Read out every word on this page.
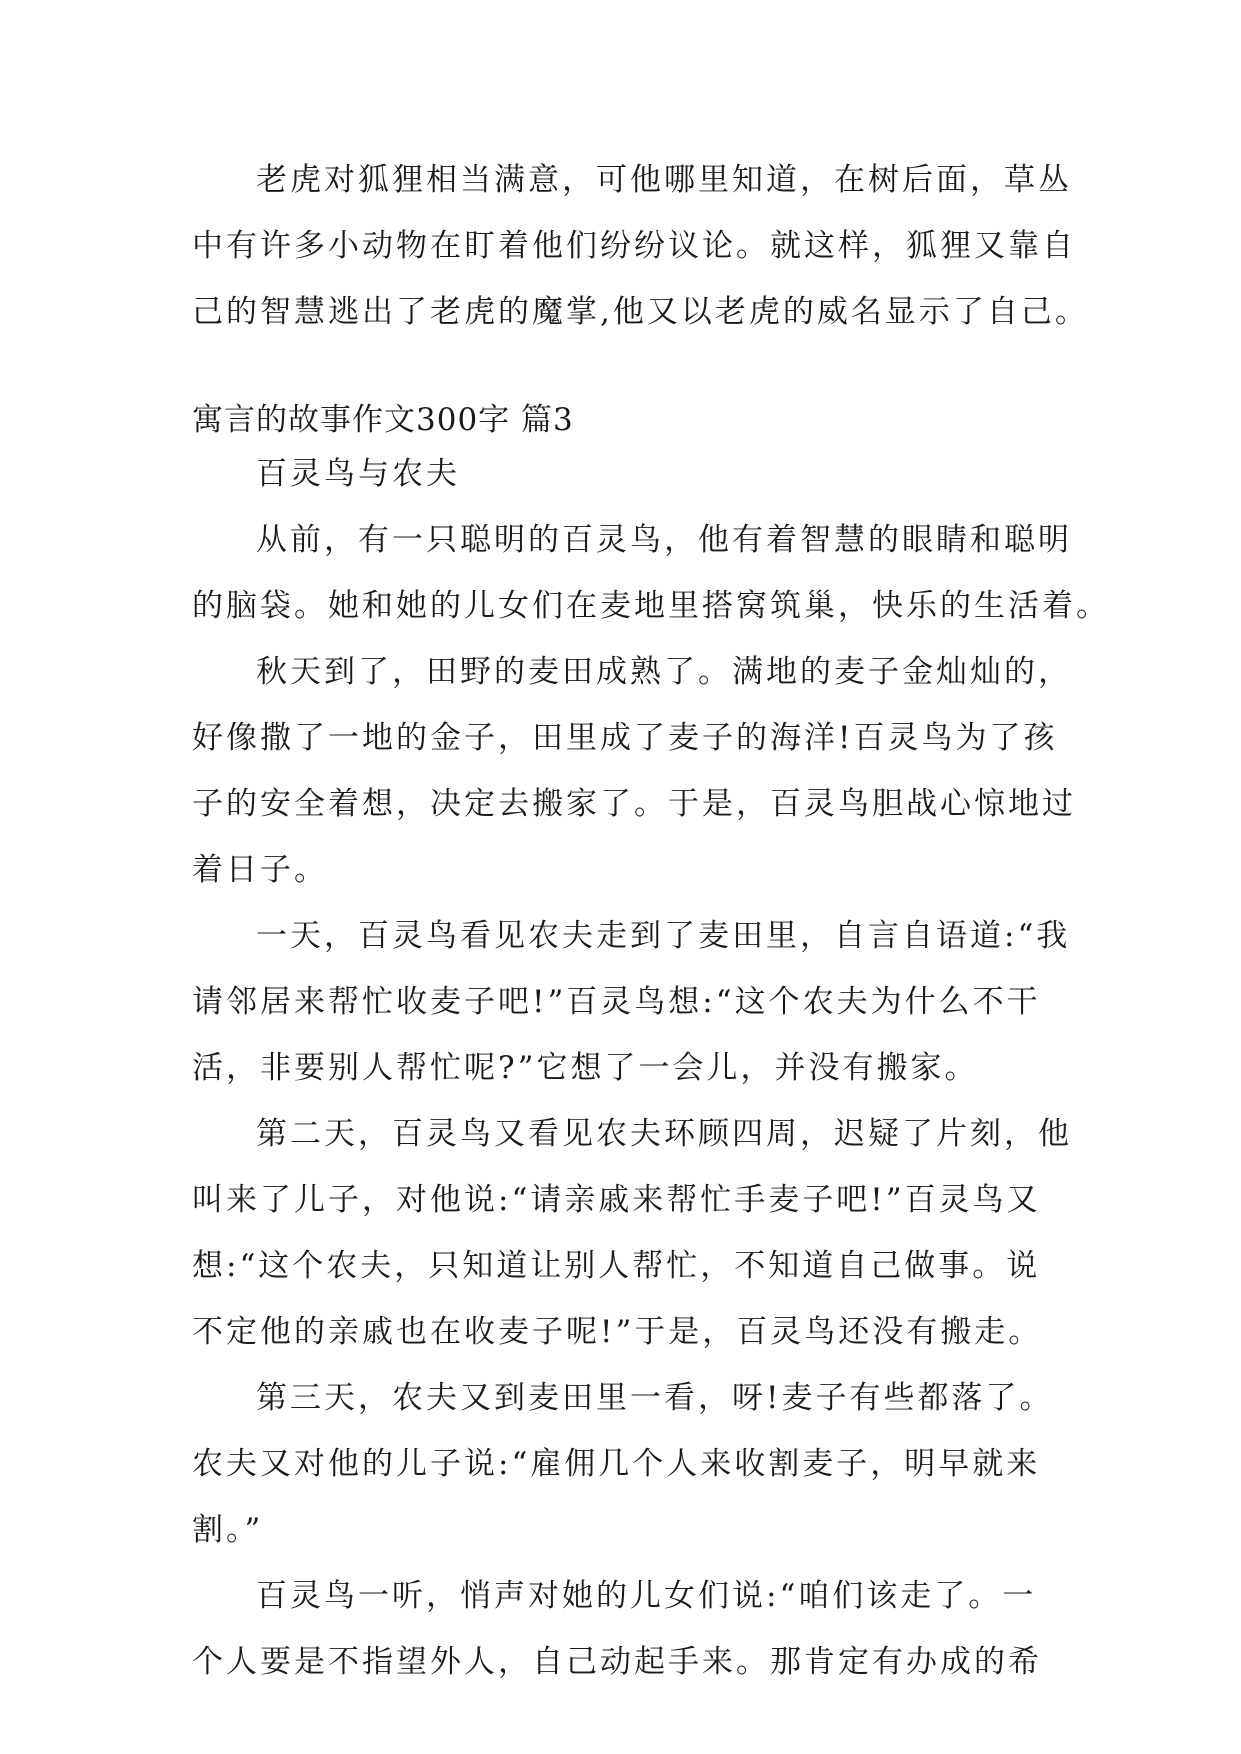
老虎对狐狸相当满意，可他哪里知道，在树后面，草丛

中有许多小动物在盯着他们纷纷议论。就这样，狐狸又靠自

己的智慧逃出了老虎的魔掌,他又以老虎的威名显示了自己。

寓言的故事作文300字 篇3

百灵鸟与农夫

从前，有一只聪明的百灵鸟，他有着智慧的眼睛和聪明

的脑袋。她和她的儿女们在麦地里搭窝筑巢，快乐的生活着。

秋天到了，田野的麦田成熟了。满地的麦子金灿灿的，

好像撒了一地的金子，田里成了麦子的海洋!百灵鸟为了孩

子的安全着想，决定去搬家了。于是，百灵鸟胆战心惊地过

着日子。

一天，百灵鸟看见农夫走到了麦田里，自言自语道:“我

请邻居来帮忙收麦子吧!”百灵鸟想:“这个农夫为什么不干

活，非要别人帮忙呢?”它想了一会儿，并没有搬家。

第二天，百灵鸟又看见农夫环顾四周，迟疑了片刻，他

叫来了儿子，对他说:“请亲戚来帮忙手麦子吧!”百灵鸟又

想:“这个农夫，只知道让别人帮忙，不知道自己做事。说

不定他的亲戚也在收麦子呢!”于是，百灵鸟还没有搬走。

第三天，农夫又到麦田里一看，呀!麦子有些都落了。

农夫又对他的儿子说:“雇佣几个人来收割麦子，明早就来

割。”

百灵鸟一听，悄声对她的儿女们说:“咱们该走了。一

个人要是不指望外人，自己动起手来。那肯定有办成的希
